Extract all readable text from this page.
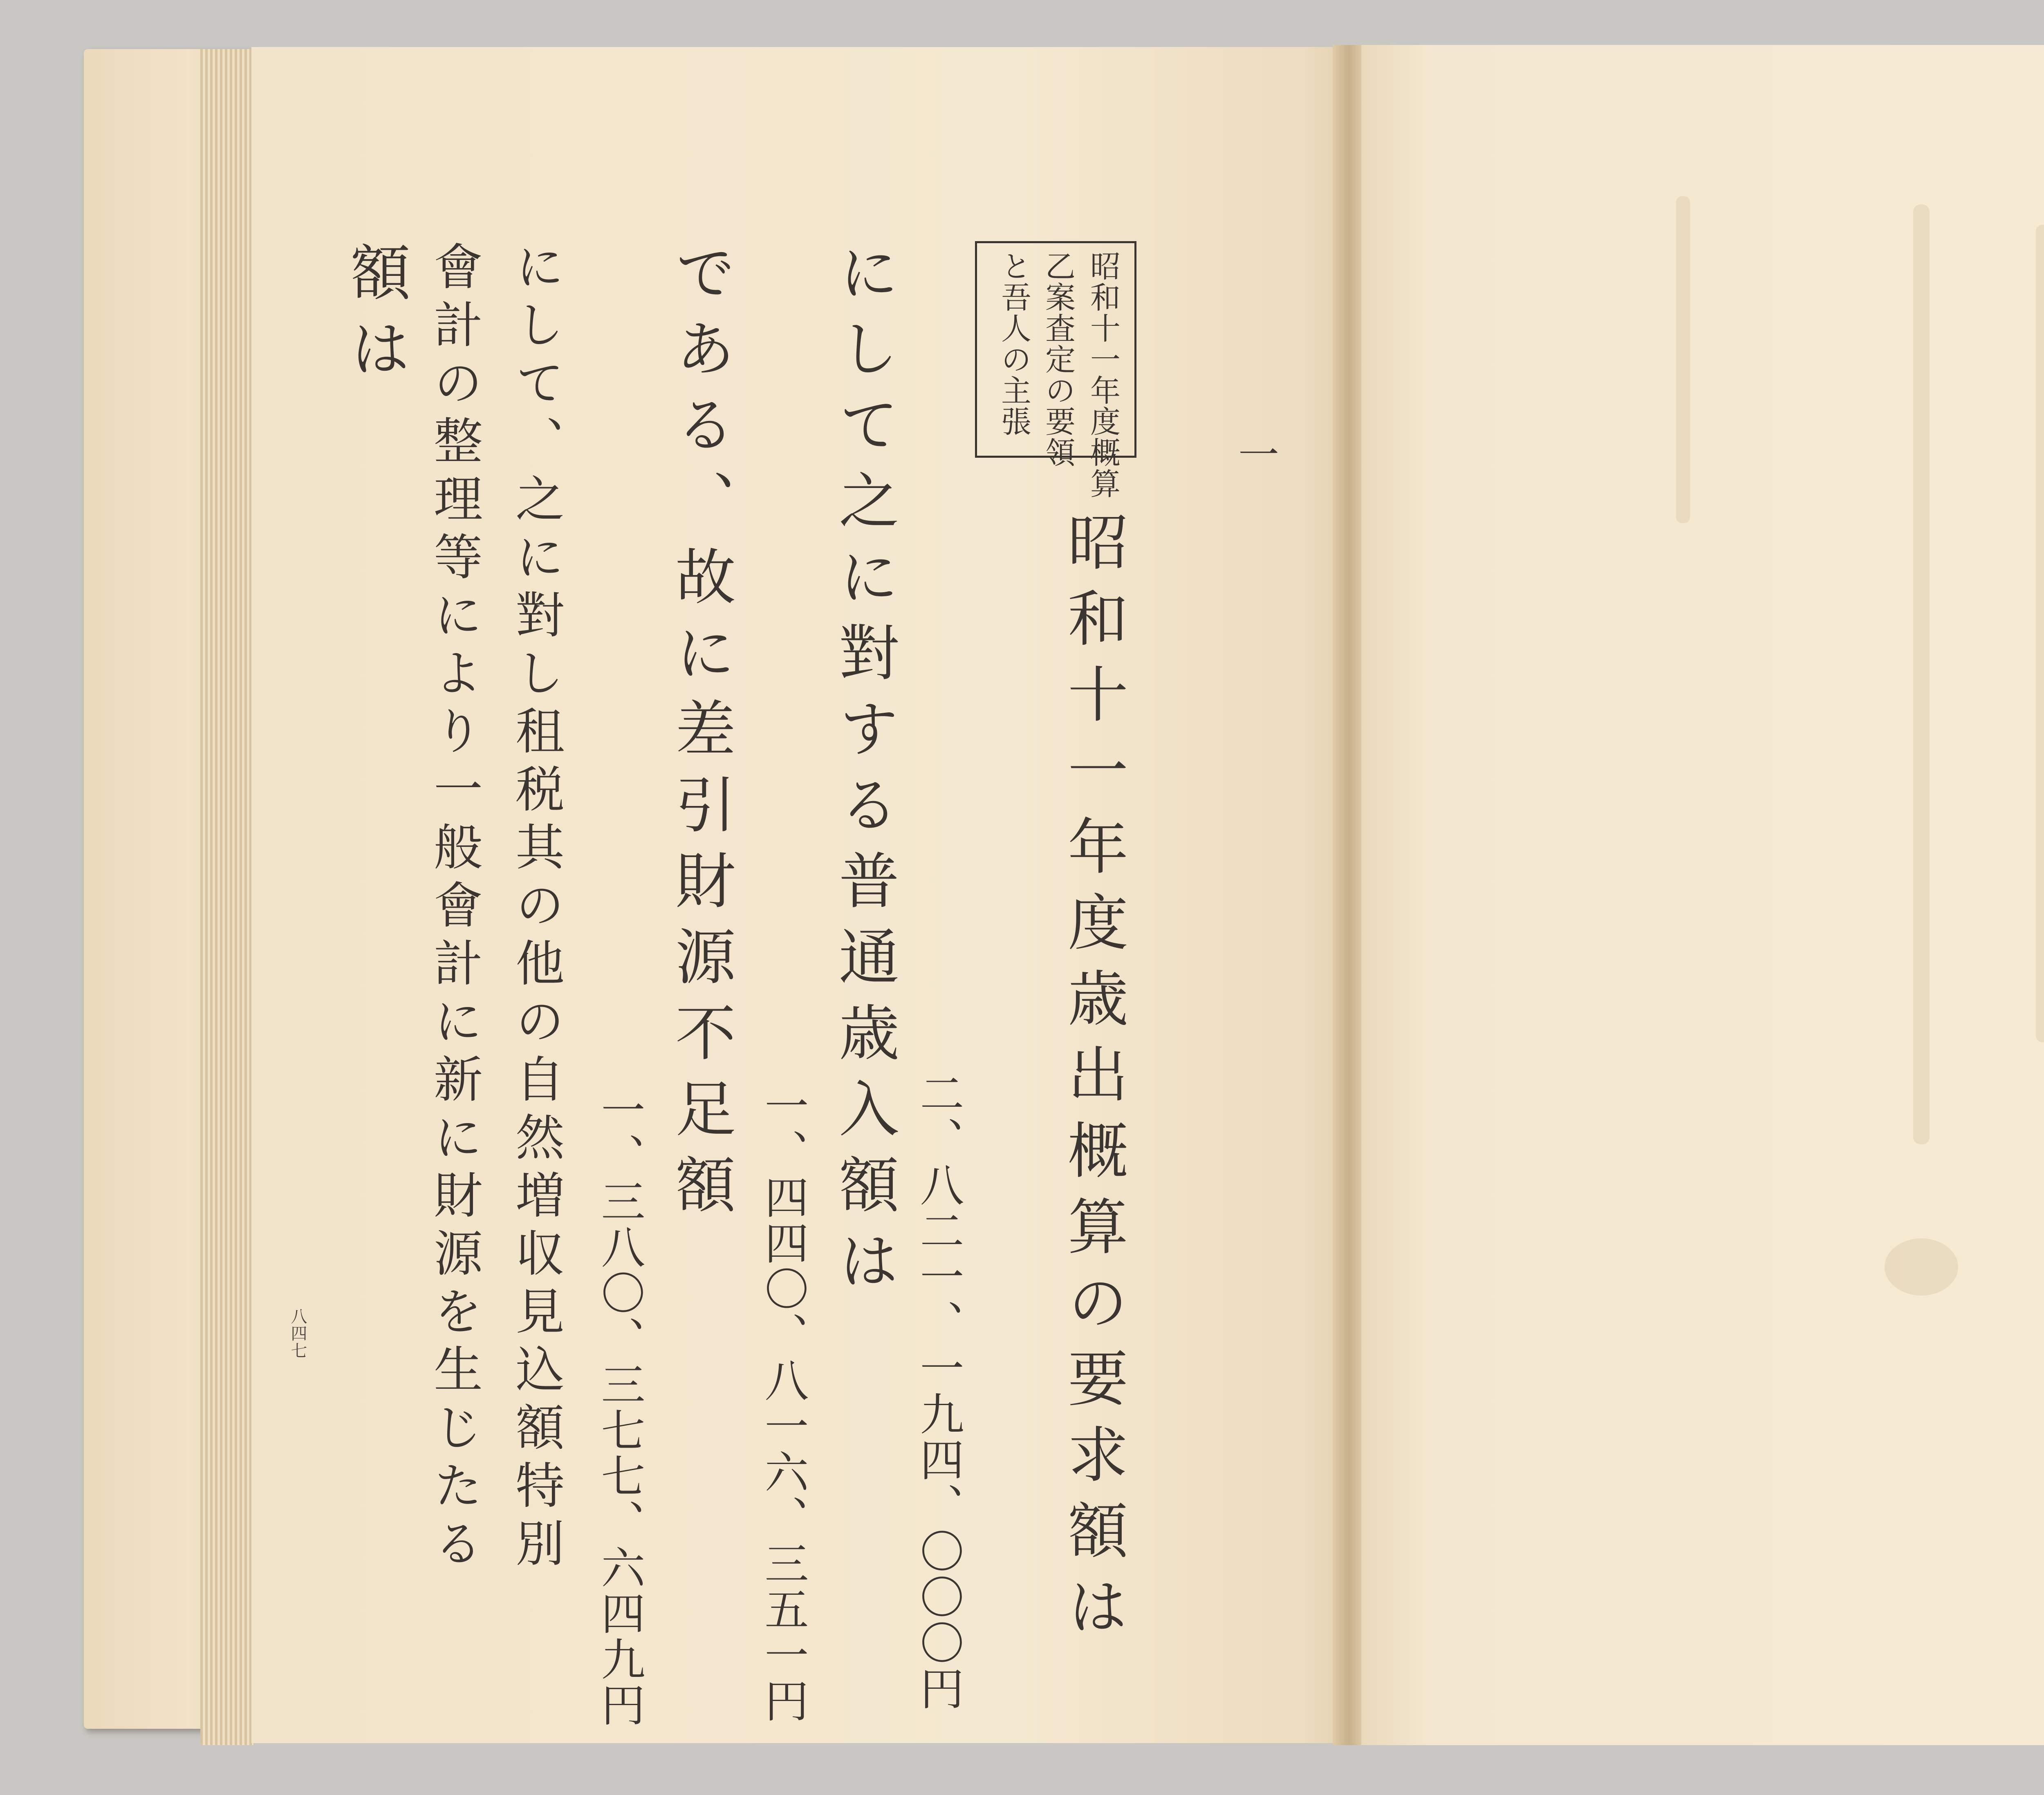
昭和十一年度概算
乙案査定の要領
と吾人の主張
一
昭和十一年度歳出概算の要求額は
二、八二一、一九四、〇〇〇円
一、四四〇、八一六、三五一円
にして之に對する普通歳入額は
である、故に差引財源不足額
一、三八〇、三七七、六四九円
にして、之に對し租税其の他の自然増収見込額特別
會計の整理等により一般會計に新に財源を生じたる
額は
八四七
